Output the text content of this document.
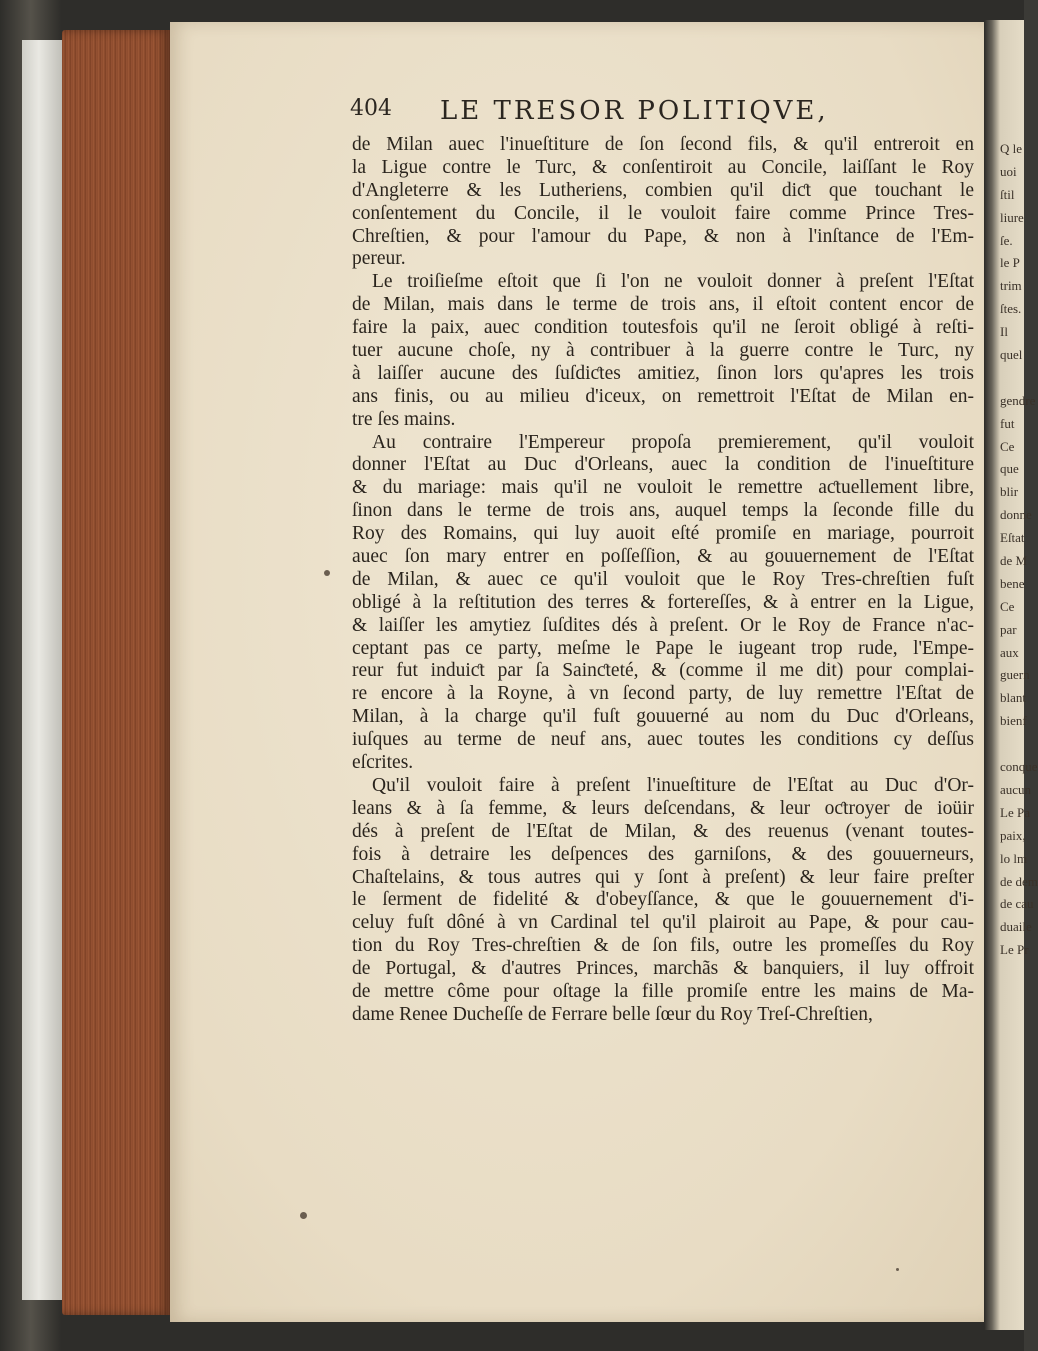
404 LE TRESOR POLITIQVE,
de Milan auec l'inueſtiture de ſon ſecond fils, & qu'il entreroit en
la Ligue contre le Turc, & conſentiroit au Concile, laiſſant le Roy
d'Angleterre & les Lutheriens, combien qu'il diƈt que touchant le
conſentement du Concile, il le vouloit faire comme Prince Tres-
Chreſtien, & pour l'amour du Pape, & non à l'inſtance de l'Em-
pereur.
Le troiſieſme eſtoit que ſi l'on ne vouloit donner à preſent l'Eſtat
de Milan, mais dans le terme de trois ans, il eſtoit content encor de
faire la paix, auec condition toutesfois qu'il ne ſeroit obligé à reſti-
tuer aucune choſe, ny à contribuer à la guerre contre le Turc, ny
à laiſſer aucune des ſuſdiƈtes amitiez, ſinon lors qu'apres les trois
ans finis, ou au milieu d'iceux, on remettroit l'Eſtat de Milan en-
tre ſes mains.
Au contraire l'Empereur propoſa premierement, qu'il vouloit
donner l'Eſtat au Duc d'Orleans, auec la condition de l'inueſtiture
& du mariage: mais qu'il ne vouloit le remettre aƈtuellement libre,
ſinon dans le terme de trois ans, auquel temps la ſeconde fille du
Roy des Romains, qui luy auoit eſté promiſe en mariage, pourroit
auec ſon mary entrer en poſſeſſion, & au gouuernement de l'Eſtat
de Milan, & auec ce qu'il vouloit que le Roy Tres-chreſtien fuſt
obligé à la reſtitution des terres & fortereſſes, & à entrer en la Ligue,
& laiſſer les amytiez ſuſdites dés à preſent. Or le Roy de France n'ac-
ceptant pas ce party, meſme le Pape le iugeant trop rude, l'Empe-
reur fut induiƈt par ſa Sainƈteté, & (comme il me dit) pour complai-
re encore à la Royne, à vn ſecond party, de luy remettre l'Eſtat de
Milan, à la charge qu'il fuſt gouuerné au nom du Duc d'Orleans,
iuſques au terme de neuf ans, auec toutes les conditions cy deſſus
eſcrites.
Qu'il vouloit faire à preſent l'inueſtiture de l'Eſtat au Duc d'Or-
leans & à ſa femme, & leurs deſcendans, & leur oƈtroyer de ioüir
dés à preſent de l'Eſtat de Milan, & des reuenus (venant toutes-
fois à detraire les deſpences des garniſons, & des gouuerneurs,
Chaſtelains, & tous autres qui y ſont à preſent) & leur faire preſter
le ſerment de fidelité & d'obeyſſance, & que le gouuernement d'i-
celuy fuſt dôné à vn Cardinal tel qu'il plairoit au Pape, & pour cau-
tion du Roy Tres-chreſtien & de ſon fils, outre les promeſſes du Roy
de Portugal, & d'autres Princes, marchãs & banquiers, il luy offroit
de mettre côme pour oſtage la fille promiſe entre les mains de Ma-
dame Renee Ducheſſe de Ferrare belle ſœur du Roy Treſ-Chreſtien,
Q le
uoi
ſtil
liure
ſe.
le P
trim
ſtes.
Il
quel
gendre
fut
Ce
que
blir
donne
Eſtat
de M
bene
Ce
par
aux
guern
blant
bienf
conque
aucun
Le Pa
paix,
lo lm
de dem
de cau
duaile
Le Pr
